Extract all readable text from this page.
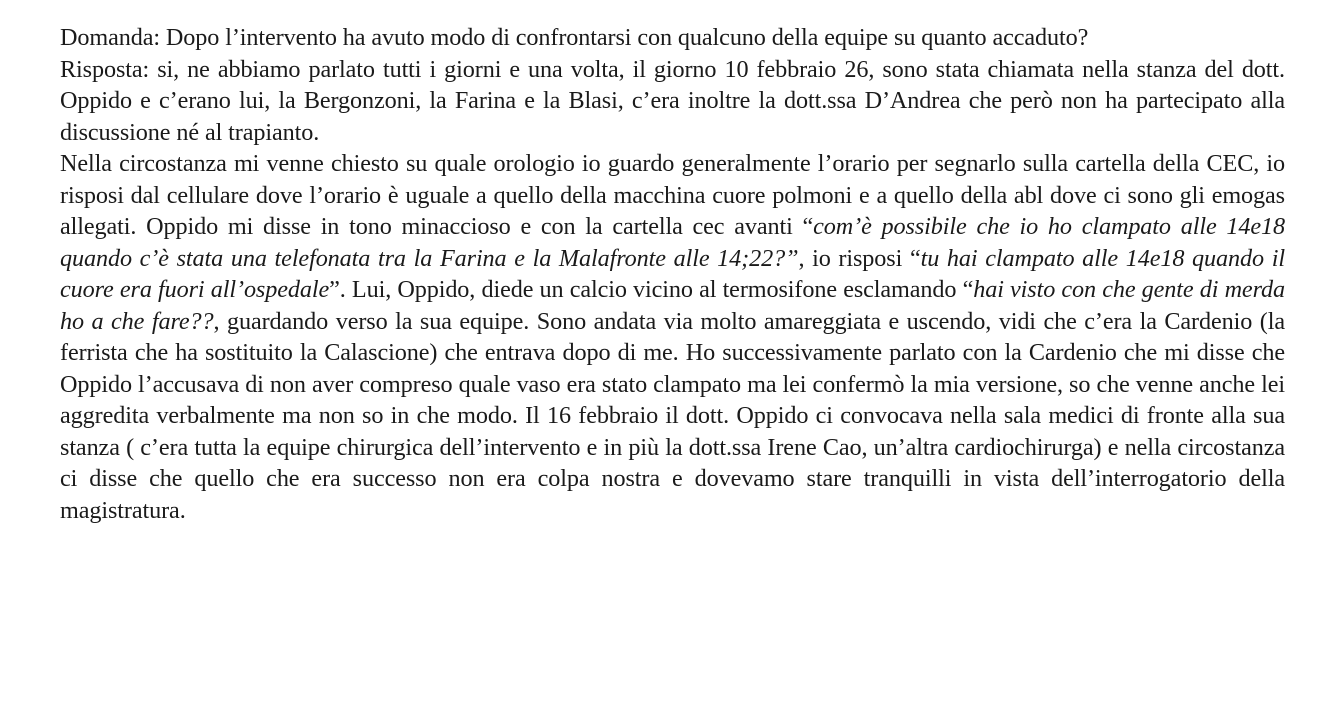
Domanda: Dopo l’intervento ha avuto modo di confrontarsi con qualcuno della equipe su quanto accaduto?

Risposta: si, ne abbiamo parlato tutti i giorni e una volta, il giorno 10 febbraio 26, sono stata chiamata nella stanza del dott. Oppido e c’erano lui, la Bergonzoni, la Farina e la Blasi, c’era inoltre la dott.ssa D’Andrea che però non ha partecipato alla discussione né al trapianto.

Nella circostanza mi venne chiesto su quale orologio io guardo generalmente l’orario per segnarlo sulla cartella della CEC, io risposi dal cellulare dove l’orario è uguale a quello della macchina cuore polmoni e a quello della abl dove ci sono gli emogas allegati. Oppido mi disse in tono minaccioso e con la cartella cec avanti “com’è possibile che io ho clampato alle 14e18 quando c’è stata una telefonata tra la Farina e la Malafronte alle 14;22?”, io risposi “tu hai clampato alle 14e18 quando il cuore era fuori all’ospedale”. Lui, Oppido, diede un calcio vicino al termosifone esclamando “hai visto con che gente di merda ho a che fare??, guardando verso la sua equipe. Sono andata via molto amareggiata e uscendo, vidi che c’era la Cardenio (la ferrista che ha sostituito la Calascione) che entrava dopo di me. Ho successivamente parlato con la Cardenio che mi disse che Oppido l’accusava di non aver compreso quale vaso era stato clampato ma lei confermò la mia versione, so che venne anche lei aggredita verbalmente ma non so in che modo. Il 16 febbraio il dott. Oppido ci convocava nella sala medici di fronte alla sua stanza ( c’era tutta la equipe chirurgica dell’intervento e in più la dott.ssa Irene Cao, un’altra cardiochirurga) e nella circostanza ci disse che quello che era successo non era colpa nostra e dovevamo stare tranquilli in vista dell’interrogatorio della magistratura.
